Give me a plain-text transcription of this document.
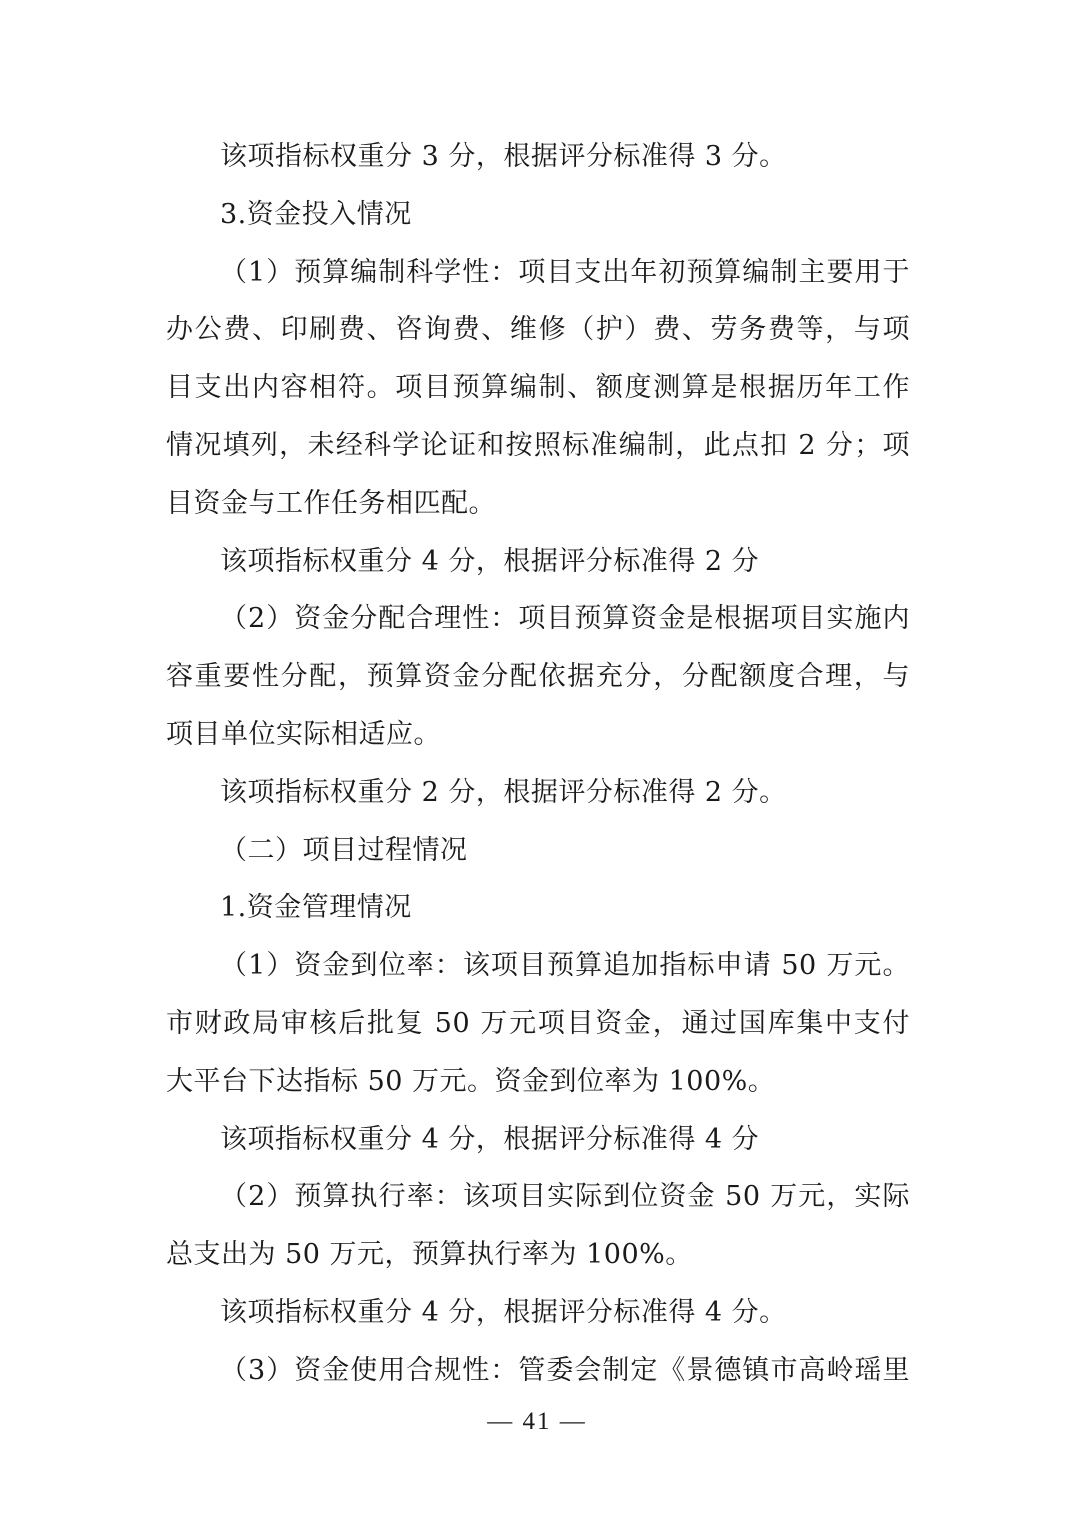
该项指标权重分 3 分，根据评分标准得 3 分。
3.资金投入情况
（1）预算编制科学性：项目支出年初预算编制主要用于
办公费、印刷费、咨询费、维修（护）费、劳务费等，与项
目支出内容相符。项目预算编制、额度测算是根据历年工作
情况填列，未经科学论证和按照标准编制，此点扣 2 分；项
目资金与工作任务相匹配。
该项指标权重分 4 分，根据评分标准得 2 分
（2）资金分配合理性：项目预算资金是根据项目实施内
容重要性分配，预算资金分配依据充分，分配额度合理，与
项目单位实际相适应。
该项指标权重分 2 分，根据评分标准得 2 分。
（二）项目过程情况
1.资金管理情况
（1）资金到位率：该项目预算追加指标申请 50 万元。
市财政局审核后批复 50 万元项目资金，通过国库集中支付
大平台下达指标 50 万元。资金到位率为 100%。
该项指标权重分 4 分，根据评分标准得 4 分
（2）预算执行率：该项目实际到位资金 50 万元，实际
总支出为 50 万元，预算执行率为 100%。
该项指标权重分 4 分，根据评分标准得 4 分。
（3）资金使用合规性：管委会制定《景德镇市高岭瑶里
— 41 —
